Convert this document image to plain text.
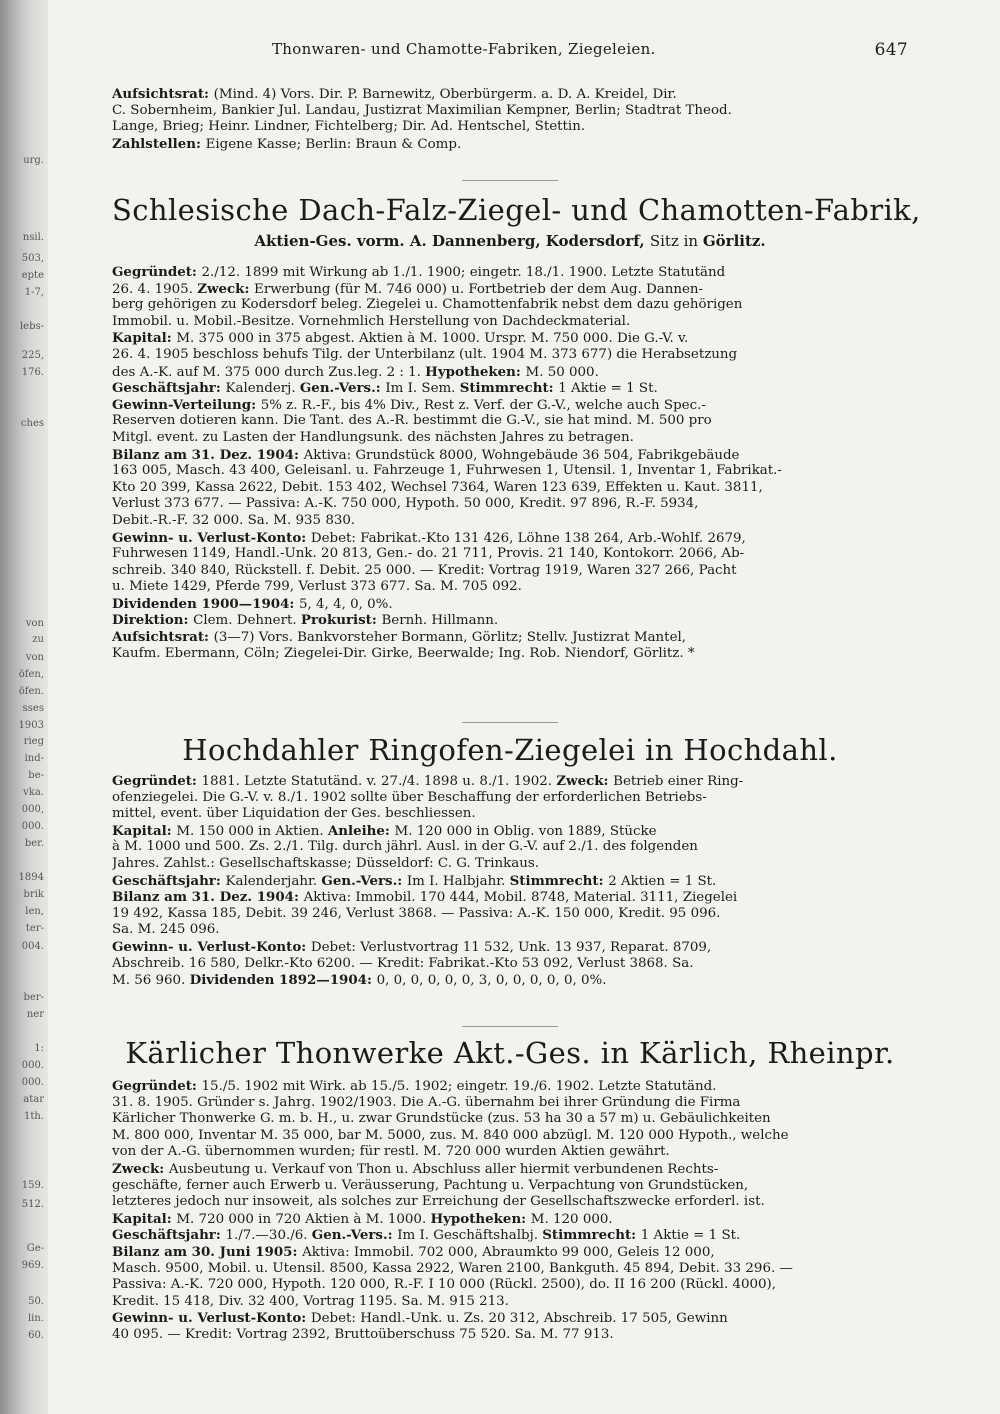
urg.
nsil.
503,
epte
1-7,
lebs-
225,
176.
ches
von
zu
von
öfen,
öfen.
sses
1903
rieg
ind-
be-
vka.
000,
000.
ber.
1894
brik
len,
ter-
004.
ber-
ner
1:
000.
000.
atar
1th.
159.
512.
Ge-
969.
50.
lin.
60.
Thonwaren- und Chamotte-Fabriken, Ziegeleien.	647
Aufsichtsrat: (Mind. 4) Vors. Dir. P. Barnewitz, Oberbürgerm. a. D. A. Kreidel, Dir.
C. Sobernheim, Bankier Jul. Landau, Justizrat Maximilian Kempner, Berlin; Stadtrat Theod.
Lange, Brieg; Heinr. Lindner, Fichtelberg; Dir. Ad. Hentschel, Stettin.
Zahlstellen: Eigene Kasse; Berlin: Braun & Comp.
Schlesische Dach-Falz-Ziegel- und Chamotten-Fabrik,
Aktien-Ges. vorm. A. Dannenberg, Kodersdorf, Sitz in Görlitz.
Gegründet: 2./12. 1899 mit Wirkung ab 1./1. 1900; eingetr. 18./1. 1900. Letzte Statutänd
26. 4. 1905. Zweck: Erwerbung (für M. 746 000) u. Fortbetrieb der dem Aug. Dannen-
berg gehörigen zu Kodersdorf beleg. Ziegelei u. Chamottenfabrik nebst dem dazu gehörigen
Immobil. u. Mobil.-Besitze. Vornehmlich Herstellung von Dachdeckmaterial.
Kapital: M. 375 000 in 375 abgest. Aktien à M. 1000. Urspr. M. 750 000. Die G.-V. v.
26. 4. 1905 beschloss behufs Tilg. der Unterbilanz (ult. 1904 M. 373 677) die Herabsetzung
des A.-K. auf M. 375 000 durch Zus.leg. 2 : 1. Hypotheken: M. 50 000.
Geschäftsjahr: Kalenderj. Gen.-Vers.: Im I. Sem. Stimmrecht: 1 Aktie = 1 St.
Gewinn-Verteilung: 5% z. R.-F., bis 4% Div., Rest z. Verf. der G.-V., welche auch Spec.-
Reserven dotieren kann. Die Tant. des A.-R. bestimmt die G.-V., sie hat mind. M. 500 pro
Mitgl. event. zu Lasten der Handlungsunk. des nächsten Jahres zu betragen.
Bilanz am 31. Dez. 1904: Aktiva: Grundstück 8000, Wohngebäude 36 504, Fabrikgebäude
163 005, Masch. 43 400, Geleisanl. u. Fahrzeuge 1, Fuhrwesen 1, Utensil. 1, Inventar 1, Fabrikat.-
Kto 20 399, Kassa 2622, Debit. 153 402, Wechsel 7364, Waren 123 639, Effekten u. Kaut. 3811,
Verlust 373 677. — Passiva: A.-K. 750 000, Hypoth. 50 000, Kredit. 97 896, R.-F. 5934,
Debit.-R.-F. 32 000. Sa. M. 935 830.
Gewinn- u. Verlust-Konto: Debet: Fabrikat.-Kto 131 426, Löhne 138 264, Arb.-Wohlf. 2679,
Fuhrwesen 1149, Handl.-Unk. 20 813, Gen.- do. 21 711, Provis. 21 140, Kontokorr. 2066, Ab-
schreib. 340 840, Rückstell. f. Debit. 25 000. — Kredit: Vortrag 1919, Waren 327 266, Pacht
u. Miete 1429, Pferde 799, Verlust 373 677. Sa. M. 705 092.
Dividenden 1900—1904: 5, 4, 4, 0, 0%.
Direktion: Clem. Dehnert. Prokurist: Bernh. Hillmann.
Aufsichtsrat: (3—7) Vors. Bankvorsteher Bormann, Görlitz; Stellv. Justizrat Mantel,
Kaufm. Ebermann, Cöln; Ziegelei-Dir. Girke, Beerwalde; Ing. Rob. Niendorf, Görlitz. *
Hochdahler Ringofen-Ziegelei in Hochdahl.
Gegründet: 1881. Letzte Statutänd. v. 27./4. 1898 u. 8./1. 1902. Zweck: Betrieb einer Ring-
ofenziegelei. Die G.-V. v. 8./1. 1902 sollte über Beschaffung der erforderlichen Betriebs-
mittel, event. über Liquidation der Ges. beschliessen.
Kapital: M. 150 000 in Aktien. Anleihe: M. 120 000 in Oblig. von 1889, Stücke
à M. 1000 und 500. Zs. 2./1. Tilg. durch jährl. Ausl. in der G.-V. auf 2./1. des folgenden
Jahres. Zahlst.: Gesellschaftskasse; Düsseldorf: C. G. Trinkaus.
Geschäftsjahr: Kalenderjahr. Gen.-Vers.: Im I. Halbjahr. Stimmrecht: 2 Aktien = 1 St.
Bilanz am 31. Dez. 1904: Aktiva: Immobil. 170 444, Mobil. 8748, Material. 3111, Ziegelei
19 492, Kassa 185, Debit. 39 246, Verlust 3868. — Passiva: A.-K. 150 000, Kredit. 95 096.
Sa. M. 245 096.
Gewinn- u. Verlust-Konto: Debet: Verlustvortrag 11 532, Unk. 13 937, Reparat. 8709,
Abschreib. 16 580, Delkr.-Kto 6200. — Kredit: Fabrikat.-Kto 53 092, Verlust 3868. Sa.
M. 56 960. Dividenden 1892—1904: 0, 0, 0, 0, 0, 0, 3, 0, 0, 0, 0, 0, 0%.
Kärlicher Thonwerke Akt.-Ges. in Kärlich, Rheinpr.
Gegründet: 15./5. 1902 mit Wirk. ab 15./5. 1902; eingetr. 19./6. 1902. Letzte Statutänd.
31. 8. 1905. Gründer s. Jahrg. 1902/1903. Die A.-G. übernahm bei ihrer Gründung die Firma
Kärlicher Thonwerke G. m. b. H., u. zwar Grundstücke (zus. 53 ha 30 a 57 m) u. Gebäulichkeiten
M. 800 000, Inventar M. 35 000, bar M. 5000, zus. M. 840 000 abzügl. M. 120 000 Hypoth., welche
von der A.-G. übernommen wurden; für restl. M. 720 000 wurden Aktien gewährt.
Zweck: Ausbeutung u. Verkauf von Thon u. Abschluss aller hiermit verbundenen Rechts-
geschäfte, ferner auch Erwerb u. Veräusserung, Pachtung u. Verpachtung von Grundstücken,
letzteres jedoch nur insoweit, als solches zur Erreichung der Gesellschaftszwecke erforderl. ist.
Kapital: M. 720 000 in 720 Aktien à M. 1000. Hypotheken: M. 120 000.
Geschäftsjahr: 1./7.—30./6. Gen.-Vers.: Im I. Geschäftshalbj. Stimmrecht: 1 Aktie = 1 St.
Bilanz am 30. Juni 1905: Aktiva: Immobil. 702 000, Abraumkto 99 000, Geleis 12 000,
Masch. 9500, Mobil. u. Utensil. 8500, Kassa 2922, Waren 2100, Bankguth. 45 894, Debit. 33 296. —
Passiva: A.-K. 720 000, Hypoth. 120 000, R.-F. I 10 000 (Rückl. 2500), do. II 16 200 (Rückl. 4000),
Kredit. 15 418, Div. 32 400, Vortrag 1195. Sa. M. 915 213.
Gewinn- u. Verlust-Konto: Debet: Handl.-Unk. u. Zs. 20 312, Abschreib. 17 505, Gewinn
40 095. — Kredit: Vortrag 2392, Bruttoüberschuss 75 520. Sa. M. 77 913.
